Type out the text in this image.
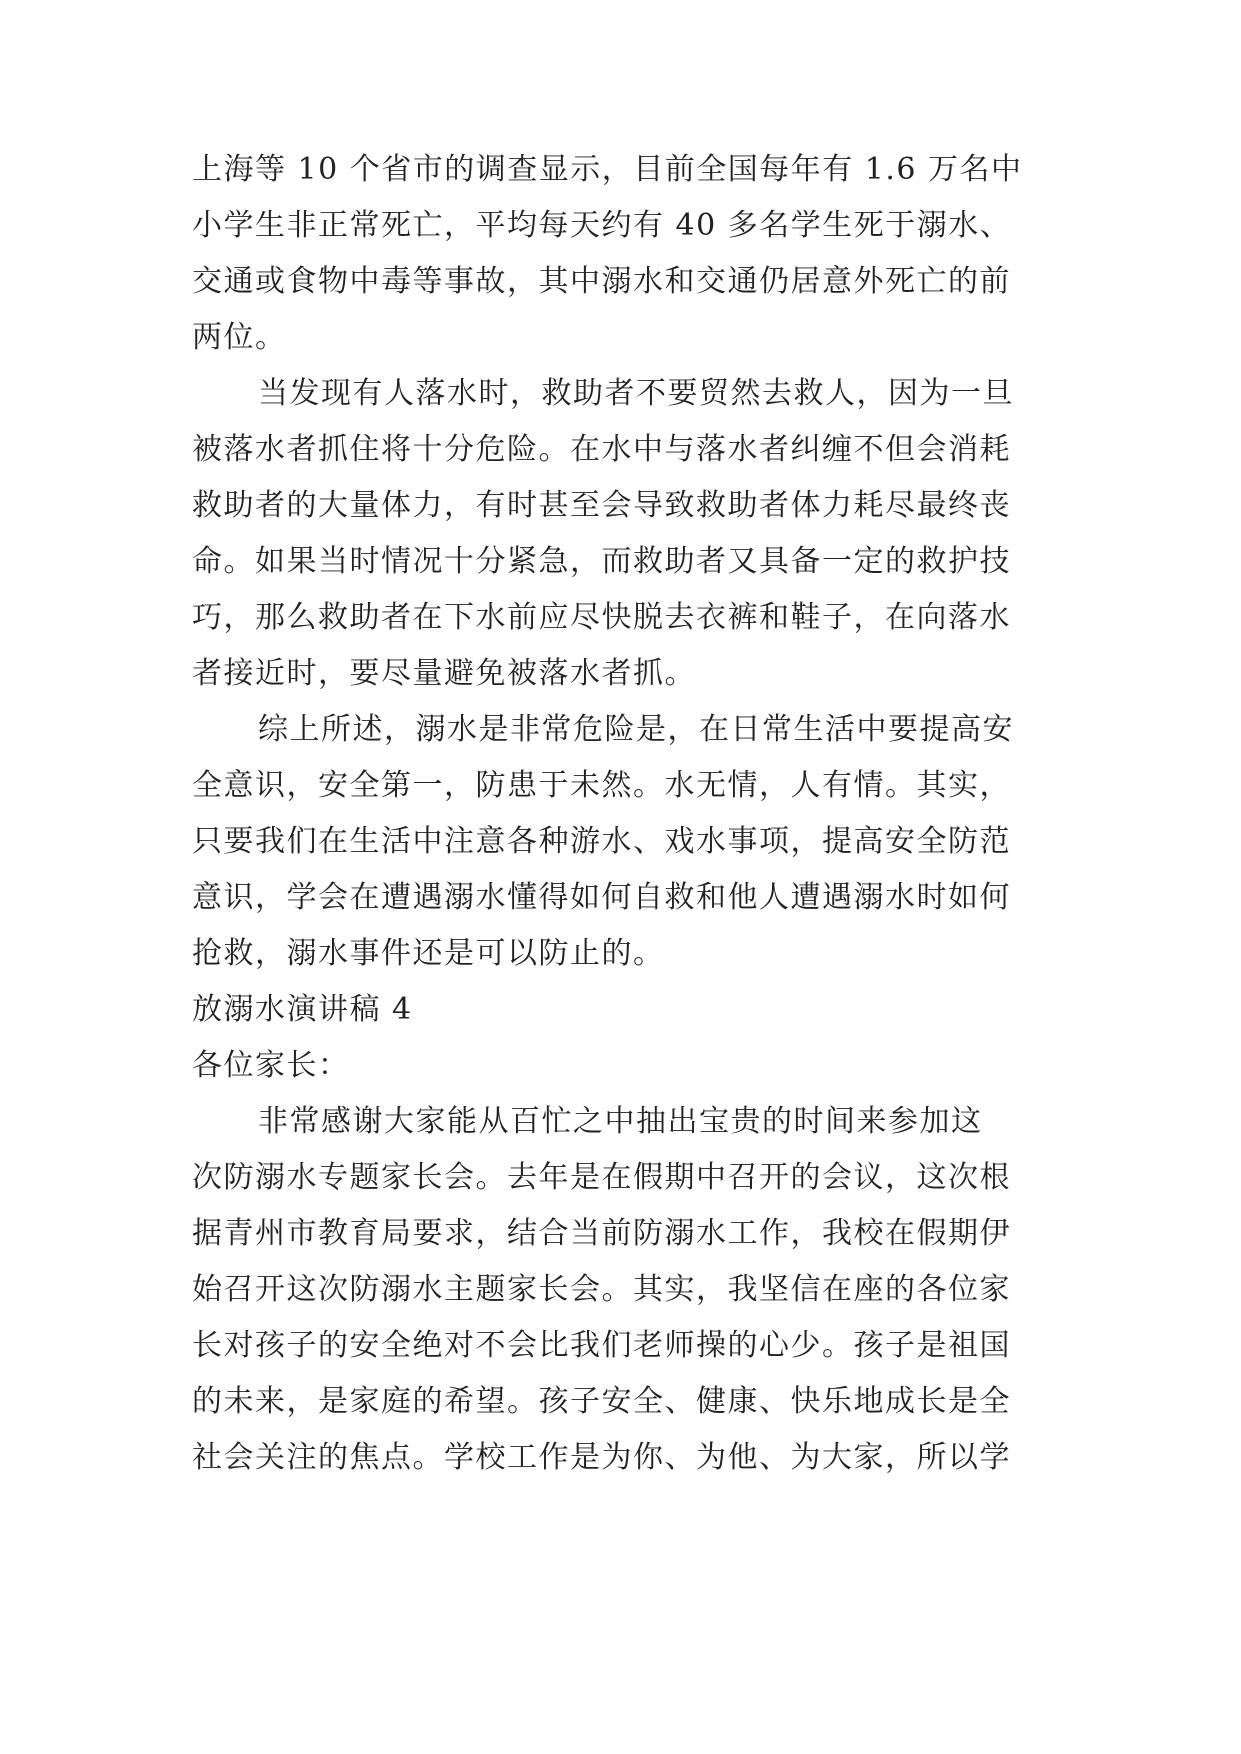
上海等 10 个省市的调查显示，目前全国每年有 1.6 万名中
小学生非正常死亡，平均每天约有 40 多名学生死于溺水、
交通或食物中毒等事故，其中溺水和交通仍居意外死亡的前
两位。
当发现有人落水时，救助者不要贸然去救人，因为一旦
被落水者抓住将十分危险。在水中与落水者纠缠不但会消耗
救助者的大量体力，有时甚至会导致救助者体力耗尽最终丧
命。如果当时情况十分紧急，而救助者又具备一定的救护技
巧，那么救助者在下水前应尽快脱去衣裤和鞋子，在向落水
者接近时，要尽量避免被落水者抓。
综上所述，溺水是非常危险是，在日常生活中要提高安
全意识，安全第一，防患于未然。水无情，人有情。其实，
只要我们在生活中注意各种游水、戏水事项，提高安全防范
意识，学会在遭遇溺水懂得如何自救和他人遭遇溺水时如何
抢救，溺水事件还是可以防止的。
放溺水演讲稿 4
各位家长：
非常感谢大家能从百忙之中抽出宝贵的时间来参加这
次防溺水专题家长会。去年是在假期中召开的会议，这次根
据青州市教育局要求，结合当前防溺水工作，我校在假期伊
始召开这次防溺水主题家长会。其实，我坚信在座的各位家
长对孩子的安全绝对不会比我们老师操的心少。孩子是祖国
的未来，是家庭的希望。孩子安全、健康、快乐地成长是全
社会关注的焦点。学校工作是为你、为他、为大家，所以学
